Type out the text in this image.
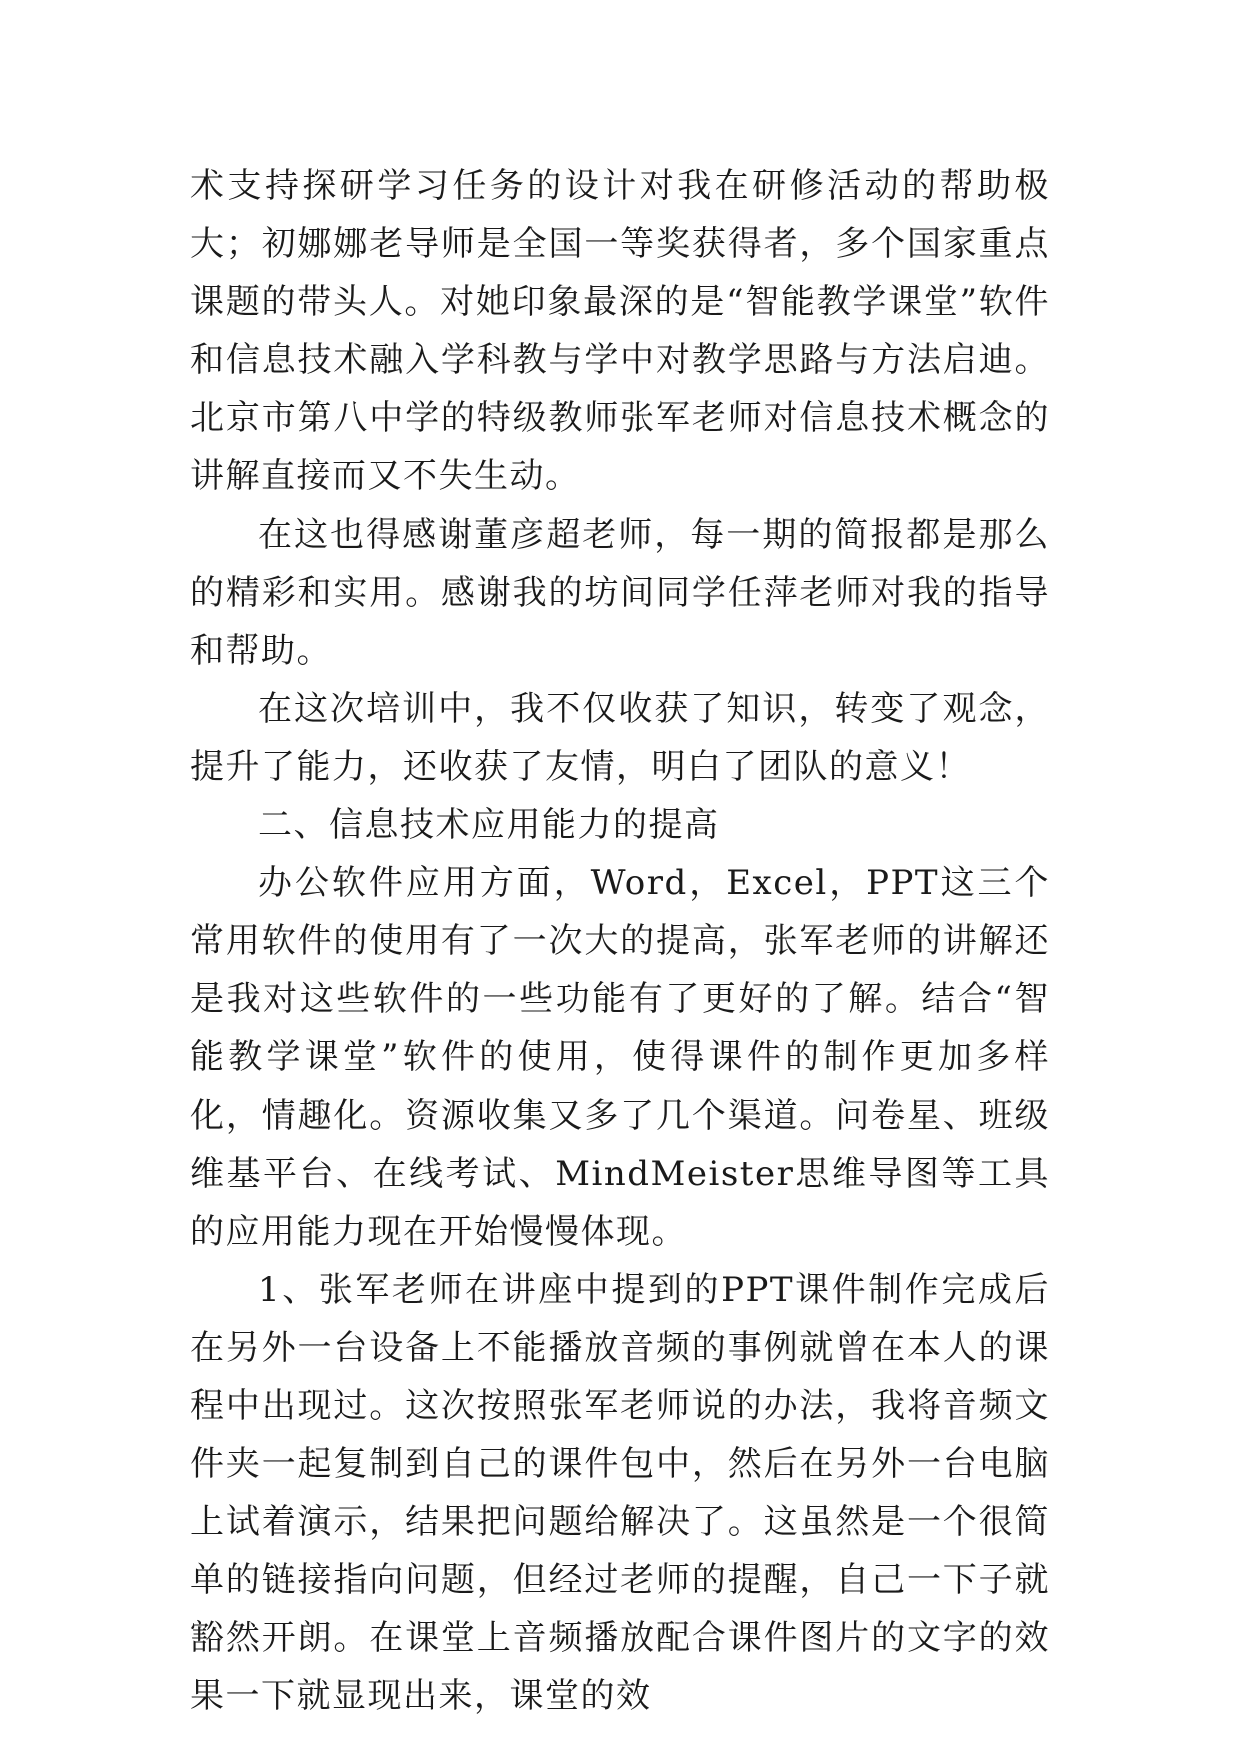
术支持探研学习任务的设计对我在研修活动的帮助极大；初娜娜老导师是全国一等奖获得者，多个国家重点课题的带头人。对她印象最深的是“智能教学课堂”软件和信息技术融入学科教与学中对教学思路与方法启迪。北京市第八中学的特级教师张军老师对信息技术概念的讲解直接而又不失生动。

在这也得感谢董彦超老师，每一期的简报都是那么的精彩和实用。感谢我的坊间同学任萍老师对我的指导和帮助。

在这次培训中，我不仅收获了知识，转变了观念，提升了能力，还收获了友情，明白了团队的意义！

二、信息技术应用能力的提高

办公软件应用方面，Word，Excel，PPT这三个常用软件的使用有了一次大的提高，张军老师的讲解还是我对这些软件的一些功能有了更好的了解。结合“智能教学课堂”软件的使用，使得课件的制作更加多样化，情趣化。资源收集又多了几个渠道。问卷星、班级维基平台、在线考试、MindMeister思维导图等工具的应用能力现在开始慢慢体现。

1、张军老师在讲座中提到的PPT课件制作完成后在另外一台设备上不能播放音频的事例就曾在本人的课程中出现过。这次按照张军老师说的办法，我将音频文件夹一起复制到自己的课件包中，然后在另外一台电脑上试着演示，结果把问题给解决了。这虽然是一个很简单的链接指向问题，但经过老师的提醒，自己一下子就豁然开朗。在课堂上音频播放配合课件图片的文字的效果一下就显现出来，课堂的效
